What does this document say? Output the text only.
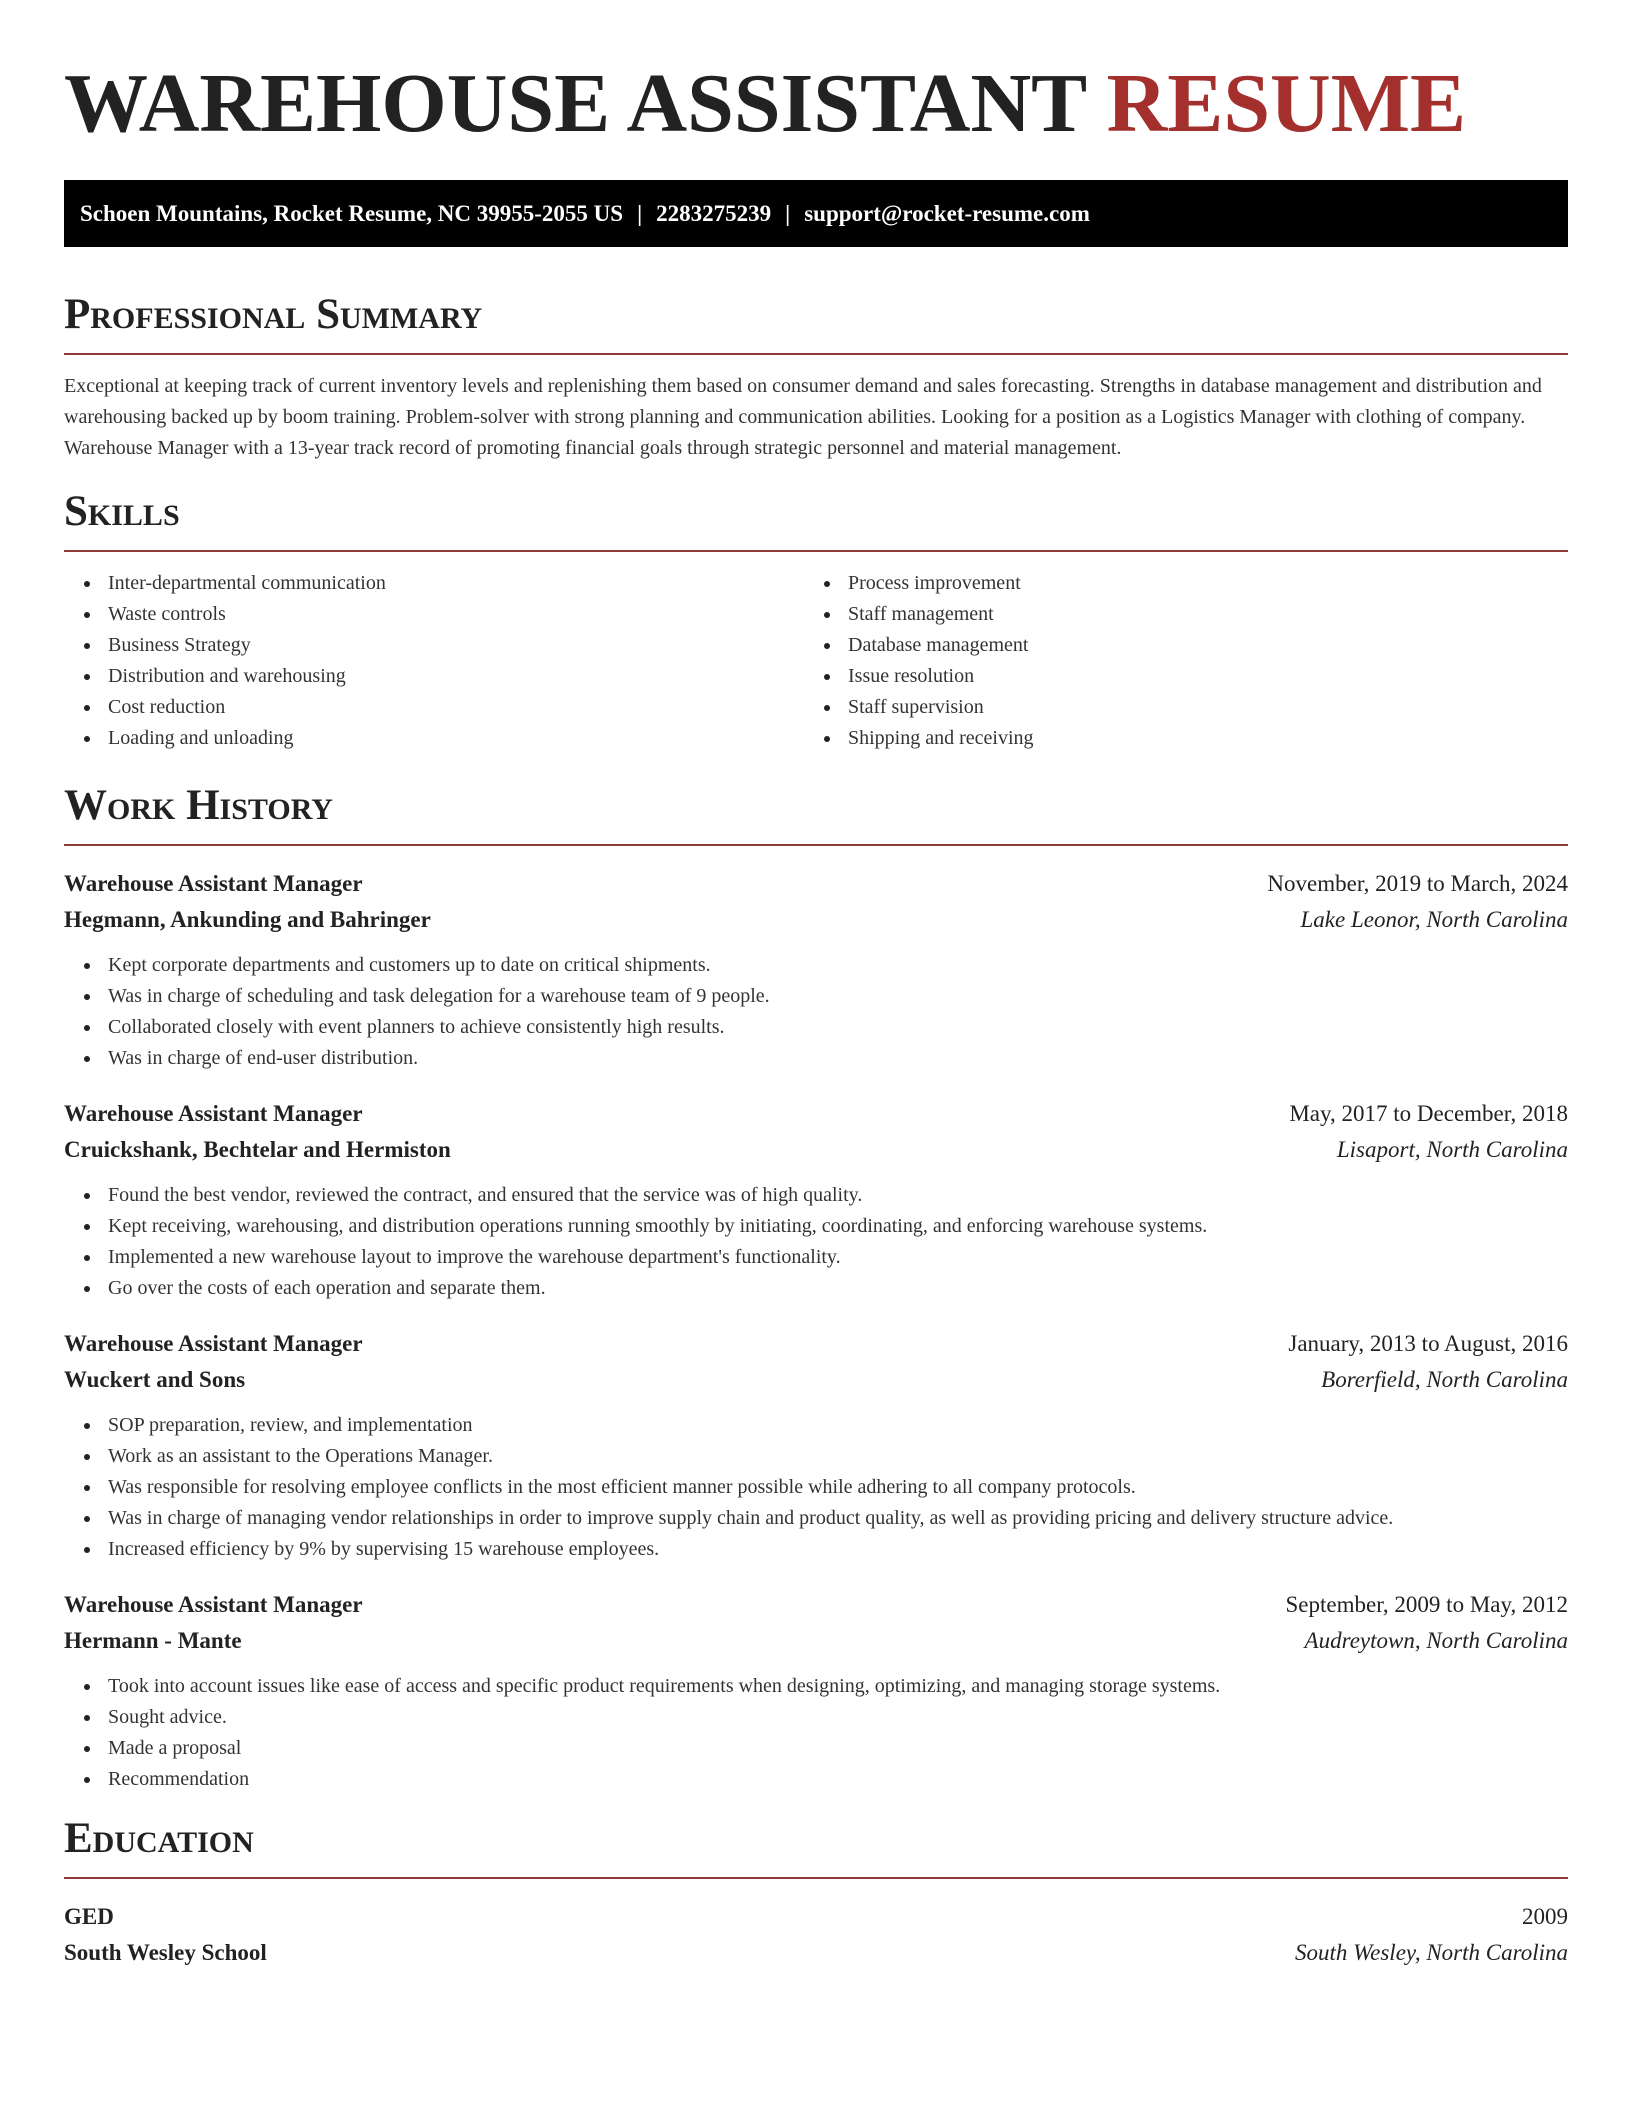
WAREHOUSE ASSISTANT RESUME
Schoen Mountains, Rocket Resume, NC 39955-2055 US | 2283275239 | support@rocket-resume.com
Professional Summary

Exceptional at keeping track of current inventory levels and replenishing them based on consumer demand and sales forecasting. Strengths in database management and distribution and warehousing backed up by boom training. Problem-solver with strong planning and communication abilities. Looking for a position as a Logistics Manager with clothing of company. Warehouse Manager with a 13-year track record of promoting financial goals through strategic personnel and material management.

Skills
Inter-departmental communication
Waste controls
Business Strategy
Distribution and warehousing
Cost reduction
Loading and unloading
Process improvement
Staff management
Database management
Issue resolution
Staff supervision
Shipping and receiving
Work History
Warehouse Assistant Manager	November, 2019 to March, 2024
Hegmann, Ankunding and Bahringer	Lake Leonor, North Carolina
Kept corporate departments and customers up to date on critical shipments.
Was in charge of scheduling and task delegation for a warehouse team of 9 people.
Collaborated closely with event planners to achieve consistently high results.
Was in charge of end-user distribution.
Warehouse Assistant Manager	May, 2017 to December, 2018
Cruickshank, Bechtelar and Hermiston	Lisaport, North Carolina
Found the best vendor, reviewed the contract, and ensured that the service was of high quality.
Kept receiving, warehousing, and distribution operations running smoothly by initiating, coordinating, and enforcing warehouse systems.
Implemented a new warehouse layout to improve the warehouse department's functionality.
Go over the costs of each operation and separate them.
Warehouse Assistant Manager	January, 2013 to August, 2016
Wuckert and Sons	Borerfield, North Carolina
SOP preparation, review, and implementation
Work as an assistant to the Operations Manager.
Was responsible for resolving employee conflicts in the most efficient manner possible while adhering to all company protocols.
Was in charge of managing vendor relationships in order to improve supply chain and product quality, as well as providing pricing and delivery structure advice.
Increased efficiency by 9% by supervising 15 warehouse employees.
Warehouse Assistant Manager	September, 2009 to May, 2012
Hermann - Mante	Audreytown, North Carolina
Took into account issues like ease of access and specific product requirements when designing, optimizing, and managing storage systems.
Sought advice.
Made a proposal
Recommendation
Education
GED	2009
South Wesley School	South Wesley, North Carolina
